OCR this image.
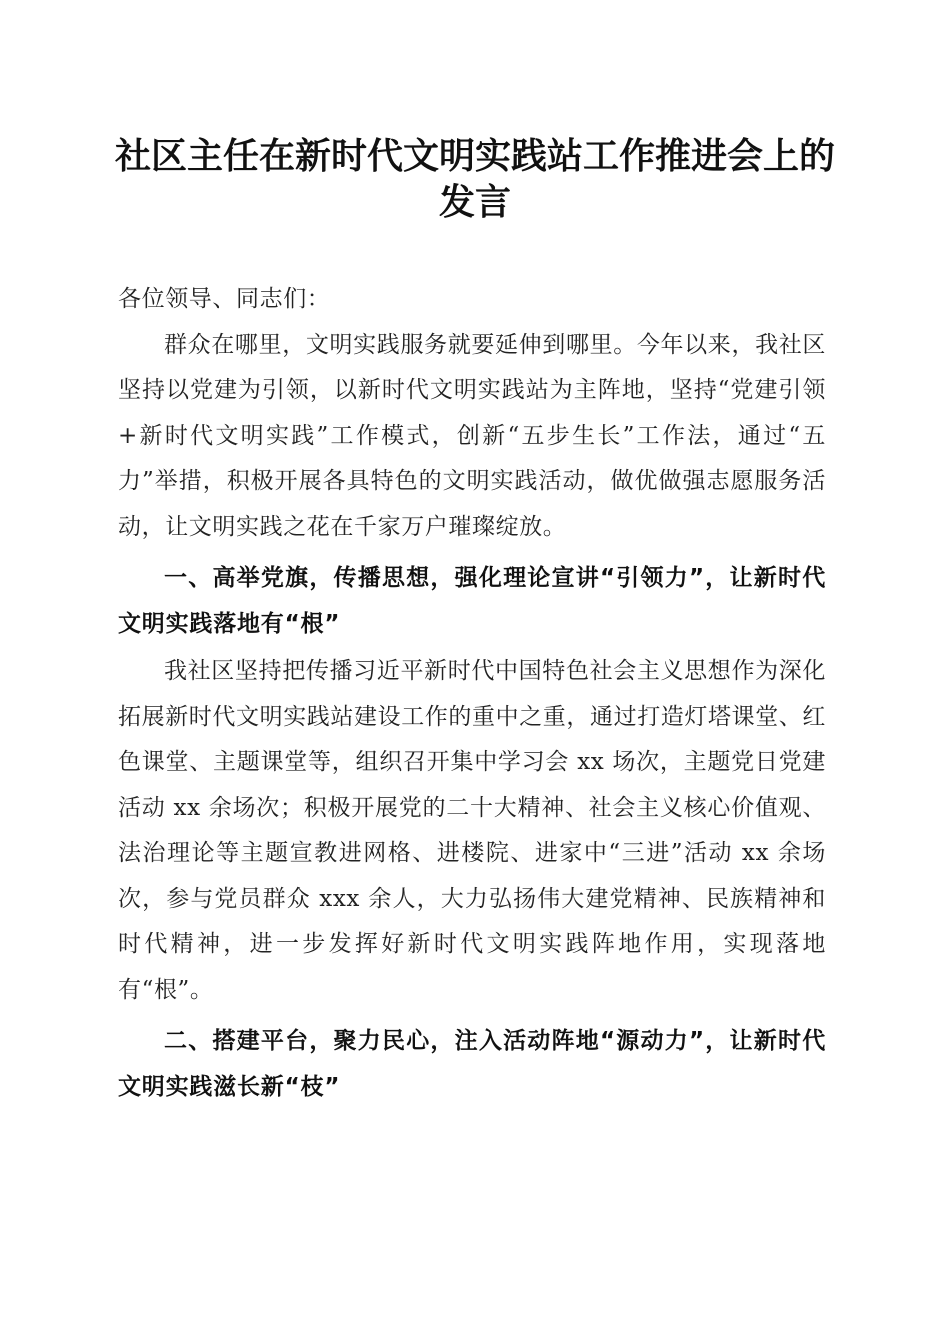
社区主任在新时代文明实践站工作推进会上的
发言

各位领导、同志们：

群众在哪里，文明实践服务就要延伸到哪里。今年以来，我社区坚持以党建为引领，以新时代文明实践站为主阵地，坚持“党建引领+新时代文明实践”工作模式，创新“五步生长”工作法，通过“五力”举措，积极开展各具特色的文明实践活动，做优做强志愿服务活动，让文明实践之花在千家万户璀璨绽放。

一、高举党旗，传播思想，强化理论宣讲“引领力”，让新时代文明实践落地有“根”

我社区坚持把传播习近平新时代中国特色社会主义思想作为深化拓展新时代文明实践站建设工作的重中之重，通过打造灯塔课堂、红色课堂、主题课堂等，组织召开集中学习会 xx 场次，主题党日党建活动 xx 余场次；积极开展党的二十大精神、社会主义核心价值观、法治理论等主题宣教进网格、进楼院、进家中“三进”活动 xx 余场次，参与党员群众 xxx 余人，大力弘扬伟大建党精神、民族精神和时代精神，进一步发挥好新时代文明实践阵地作用，实现落地有“根”。

二、搭建平台，聚力民心，注入活动阵地“源动力”，让新时代文明实践滋长新“枝”
